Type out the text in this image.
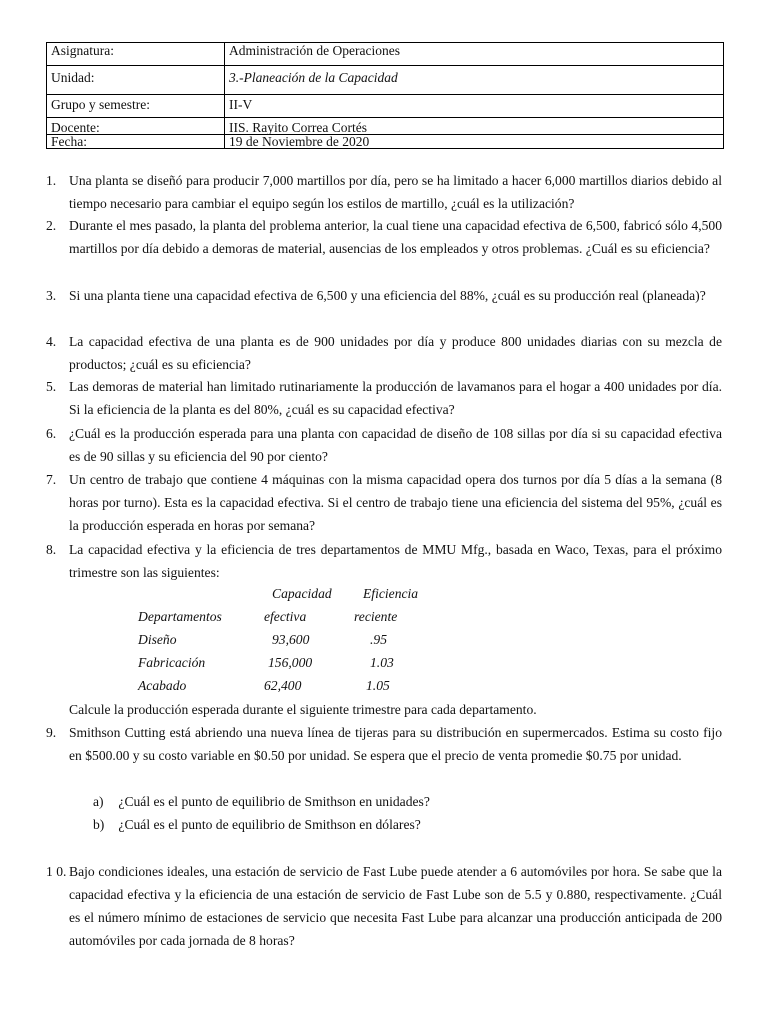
Asignatura:	Administración de Operaciones
Unidad:	3.-Planeación de la Capacidad
Grupo y semestre:	II-V
Docente:	IIS. Rayito Correa Cortés
Fecha:	19 de Noviembre de 2020
1. Una planta se diseñó para producir 7,000 martillos por día, pero se ha limitado a hacer 6,000 martillos diarios debido al tiempo necesario para cambiar el equipo según los estilos de martillo, ¿cuál es la utilización?
2. Durante el mes pasado, la planta del problema anterior, la cual tiene una capacidad efectiva de 6,500, fabricó sólo 4,500 martillos por día debido a demoras de material, ausencias de los empleados y otros problemas. ¿Cuál es su eficiencia?
3. Si una planta tiene una capacidad efectiva de 6,500 y una eficiencia del 88%, ¿cuál es su producción real (planeada)?
4. La capacidad efectiva de una planta es de 900 unidades por día y produce 800 unidades diarias con su mezcla de productos; ¿cuál es su eficiencia?
5. Las demoras de material han limitado rutinariamente la producción de lavamanos para el hogar a 400 unidades por día. Si la eficiencia de la planta es del 80%, ¿cuál es su capacidad efectiva?
6. ¿Cuál es la producción esperada para una planta con capacidad de diseño de 108 sillas por día si su capacidad efectiva es de 90 sillas y su eficiencia del 90 por ciento?
7. Un centro de trabajo que contiene 4 máquinas con la misma capacidad opera dos turnos por día 5 días a la semana (8 horas por turno). Esta es la capacidad efectiva. Si el centro de trabajo tiene una eficiencia del sistema del 95%, ¿cuál es la producción esperada en horas por semana?
8. La capacidad efectiva y la eficiencia de tres departamentos de MMU Mfg., basada en Waco, Texas, para el próximo trimestre son las siguientes:
Capacidad Eficiencia
Departamentos	efectiva	reciente
Diseño	93,600	.95
Fabricación	156,000	1.03
Acabado	62,400	1.05
Calcule la producción esperada durante el siguiente trimestre para cada departamento.
9. Smithson Cutting está abriendo una nueva línea de tijeras para su distribución en supermercados. Estima su costo fijo en $500.00 y su costo variable en $0.50 por unidad. Se espera que el precio de venta promedie $0.75 por unidad.
a) ¿Cuál es el punto de equilibrio de Smithson en unidades?
b) ¿Cuál es el punto de equilibrio de Smithson en dólares?
1 0. Bajo condiciones ideales, una estación de servicio de Fast Lube puede atender a 6 automóviles por hora. Se sabe que la capacidad efectiva y la eficiencia de una estación de servicio de Fast Lube son de 5.5 y 0.880, respectivamente. ¿Cuál es el número mínimo de estaciones de servicio que necesita Fast Lube para alcanzar una producción anticipada de 200 automóviles por cada jornada de 8 horas?
